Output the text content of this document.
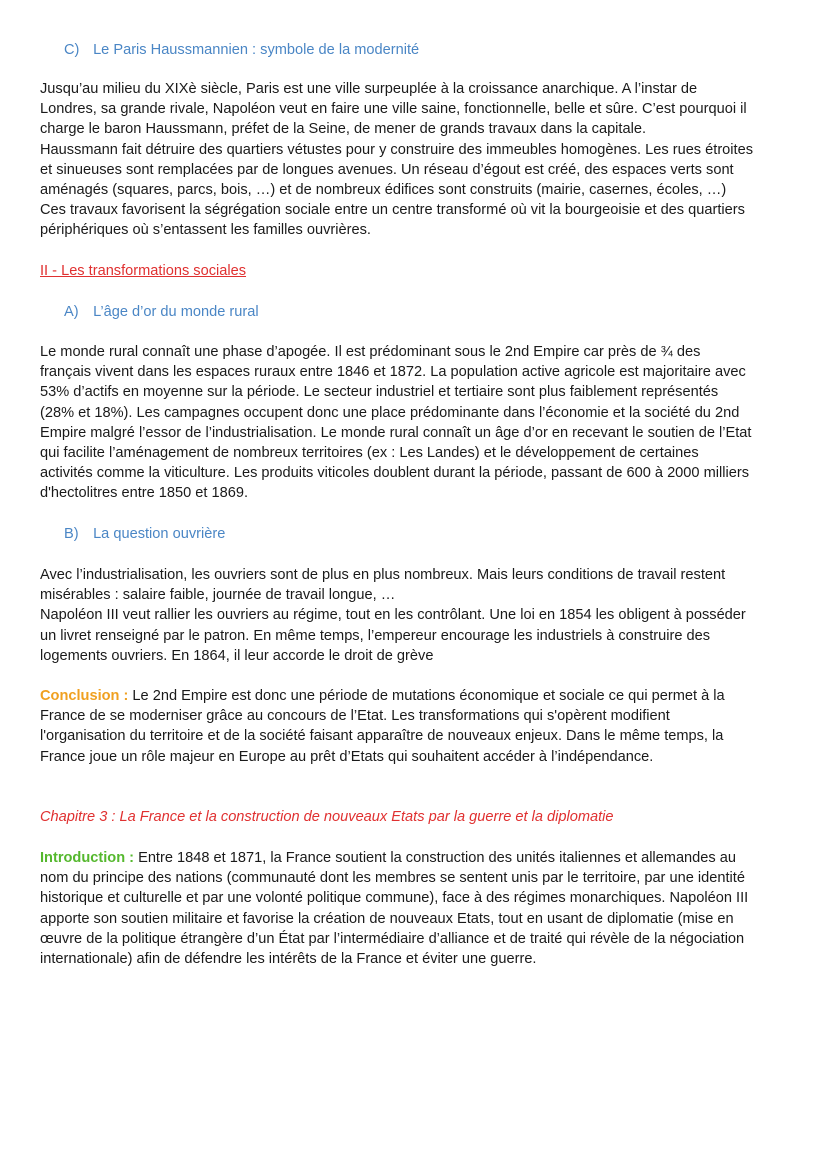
C) Le Paris Haussmannien : symbole de la modernité

Jusqu’au milieu du XIXè siècle, Paris est une ville surpeuplée à la croissance anarchique. A l’instar de

Londres, sa grande rivale, Napoléon veut en faire une ville saine, fonctionnelle, belle et sûre. C’est pourquoi il

charge le baron Haussmann, préfet de la Seine, de mener de grands travaux dans la capitale.

Haussmann fait détruire des quartiers vétustes pour y construire des immeubles homogènes. Les rues étroites

et sinueuses sont remplacées par de longues avenues. Un réseau d’égout est créé, des espaces verts sont

aménagés (squares, parcs, bois, …) et de nombreux édifices sont construits (mairie, casernes, écoles, …)

Ces travaux favorisent la ségrégation sociale entre un centre transformé où vit la bourgeoisie et des quartiers

périphériques où s’entassent les familles ouvrières.

II - Les transformations sociales
A) L’âge d’or du monde rural

Le monde rural connaît une phase d’apogée. Il est prédominant sous le 2nd Empire car près de ¾ des

français vivent dans les espaces ruraux entre 1846 et 1872. La population active agricole est majoritaire avec

53% d’actifs en moyenne sur la période. Le secteur industriel et tertiaire sont plus faiblement représentés

(28% et 18%). Les campagnes occupent donc une place prédominante dans l’économie et la société du 2nd

Empire malgré l’essor de l’industrialisation. Le monde rural connaît un âge d’or en recevant le soutien de l’Etat

qui facilite l’aménagement de nombreux territoires (ex : Les Landes) et le développement de certaines

activités comme la viticulture. Les produits viticoles doublent durant la période, passant de 600 à 2000 milliers

d'hectolitres entre 1850 et 1869.

B) La question ouvrière

Avec l’industrialisation, les ouvriers sont de plus en plus nombreux. Mais leurs conditions de travail restent

misérables : salaire faible, journée de travail longue, …

Napoléon III veut rallier les ouvriers au régime, tout en les contrôlant. Une loi en 1854 les obligent à posséder

un livret renseigné par le patron. En même temps, l’empereur encourage les industriels à construire des

logements ouvriers. En 1864, il leur accorde le droit de grève

Conclusion : Le 2nd Empire est donc une période de mutations économique et sociale ce qui permet à la

France de se moderniser grâce au concours de l’Etat. Les transformations qui s'opèrent modifient

l'organisation du territoire et de la société faisant apparaître de nouveaux enjeux. Dans le même temps, la

France joue un rôle majeur en Europe au prêt d’Etats qui souhaitent accéder à l’indépendance.

Chapitre 3 : La France et la construction de nouveaux Etats par la guerre et la diplomatie

Introduction : Entre 1848 et 1871, la France soutient la construction des unités italiennes et allemandes au

nom du principe des nations (communauté dont les membres se sentent unis par le territoire, par une identité

historique et culturelle et par une volonté politique commune), face à des régimes monarchiques. Napoléon III

apporte son soutien militaire et favorise la création de nouveaux Etats, tout en usant de diplomatie (mise en

œuvre de la politique étrangère d’un État par l’intermédiaire d’alliance et de traité qui révèle de la négociation

internationale) afin de défendre les intérêts de la France et éviter une guerre.
